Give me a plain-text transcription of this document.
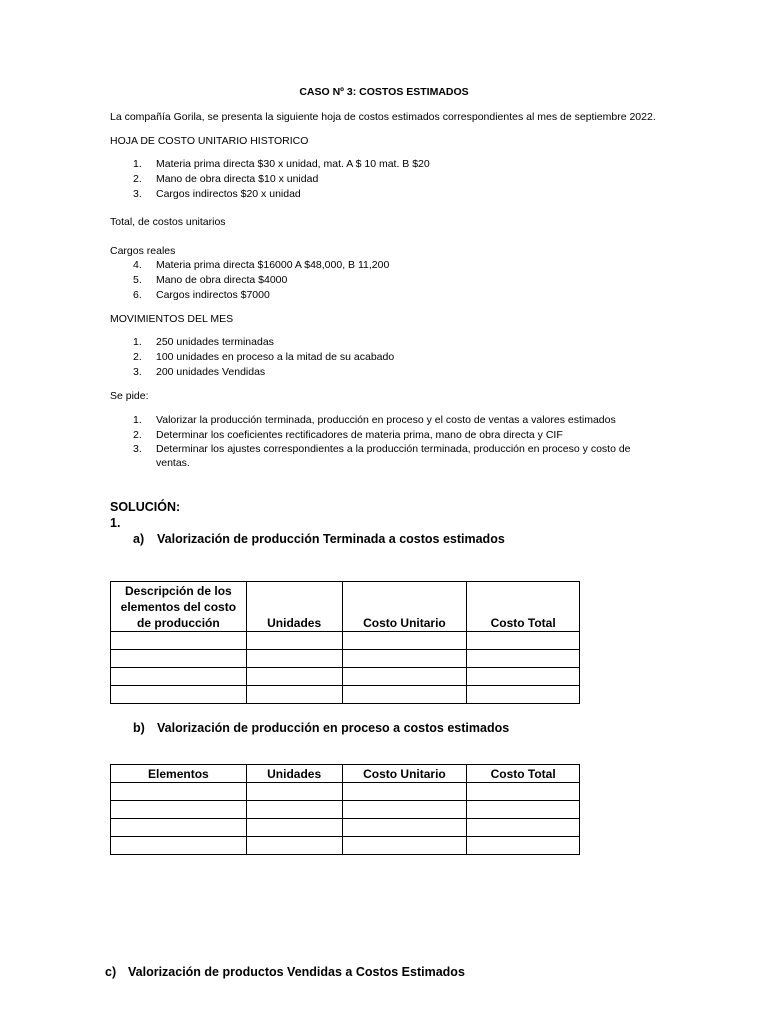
CASO Nº 3: COSTOS ESTIMADOS
La compañía Gorila, se presenta la siguiente hoja de costos estimados correspondientes al mes de septiembre 2022.
HOJA DE COSTO UNITARIO HISTORICO
1. Materia prima directa $30 x unidad, mat. A $ 10 mat. B $20
2. Mano de obra directa $10 x unidad
3. Cargos indirectos $20 x unidad
Total, de costos unitarios
Cargos reales
4. Materia prima directa $16000 A $48,000, B 11,200
5. Mano de obra directa $4000
6. Cargos indirectos $7000
MOVIMIENTOS DEL MES
1. 250 unidades terminadas
2. 100 unidades en proceso a la mitad de su acabado
3. 200 unidades Vendidas
Se pide:
1. Valorizar la producción terminada, producción en proceso y el costo de ventas a valores estimados
2. Determinar los coeficientes rectificadores de materia prima, mano de obra directa y CIF
3. Determinar los ajustes correspondientes a la producción terminada, producción en proceso y costo de
ventas.
SOLUCIÓN:
1.
a) Valorización de producción Terminada a costos estimados
Descripción de los
elementos del costo
de producción	Unidades	Costo Unitario	Costo Total

b) Valorización de producción en proceso a costos estimados
Elementos	Unidades	Costo Unitario	Costo Total

c) Valorización de productos Vendidas a Costos Estimados
